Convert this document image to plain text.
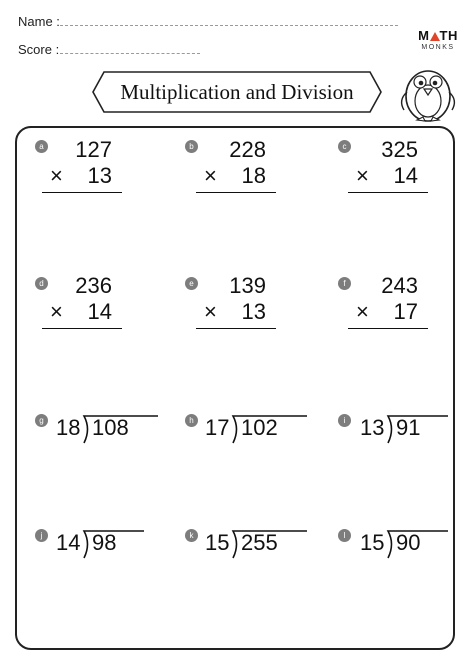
Name :
Score :
M TH
MONKS
Multiplication and Division
a 127
× 13
b 228
× 18
c 325
× 14
d 236
× 14
e 139
× 13
f 243
× 17
g 18 108	h 17 102	i 13 91
j 14 98	k 15 255	l 15 90
